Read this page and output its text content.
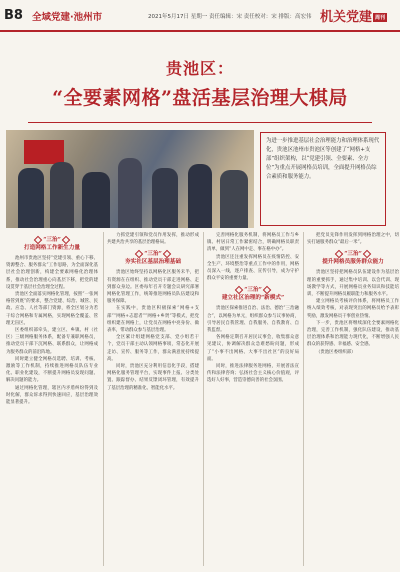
B8 全域党建·池州市	2021年5月17日 星期一 责任编辑：宋 责任校对：宋 排版：高宏伟 机关党建 周刊
贵池区：
“全要素网格”盘活基层治理大棋局
为进一步推进基层社会治理能力和治理体系现代化，贵池区池州市贵池区等创建了“网格+支部”组织架构，以“党建引领、全要素、全方位”为重点开展网格员培训，全面提升网格员综合素质和服务能力。
“三治”
打造网格工作新生力量

池州市贵池区坚持“党建引领、重心下移、资源整合、服务群众”工作思路，为全面深化基层社会治理创新，构建全要素网格化治理体系，推动社会治理重心向基层下移，把党的建设贯穿于基层社会治理全过程。

贵池区全面落实网格化管理，按照“一张网格管到底”的要求，整合党建、综治、城管、民政、应急、人社等部门资源，将全区划分为若干综合网格和专属网格，实现网格全覆盖、管理无盲区。

区委组织部牵头，建立区、乡镇、村（社区）三级网格服务体系，配备专兼职网格员，推动党员干部下沉网格、联系群众，让网格成为服务群众的前沿阵地。

同时建立健全网格员选聘、培训、考核、激励等工作机制，持续推进网格员队伍专业化、职业化建设，不断提升网格员发现问题、解决问题的能力。

通过网格化管理，辖区内矛盾纠纷得到及时化解，群众诉求得到快速回应，基层治理效能显著提升。

力抓党建引领和党员作用发挥，推动形成共建共治共享的基层治理格局。

“三治”
夯实社区基层治理基础

贵池区始终坚持以网格化区服务未半，把有资源在在组织、推动党员干部走进网格、走到群众身边。区委每年召开专题会议研究部署网格化管理工作，统筹推进网格员队伍建设和服务保障。

在实践中，贵池区积极探索“网格+支部”“网格+志愿者”“网格+乡贤”等模式，把党组织建在网格上，让党员在网格中亮身份、做表率，带动群众参与基层治理。

全区累计组建网格党支部、党小组若干个，党员干部主动认领网格事项，常态化开展走访、宣传、服务等工作，群众满意度持续提高。

同时，贵池区充分利用信息化手段，搭建网格化服务管理平台，实现事件上报、分类处置、跟踪督办、结果反馈闭环管理，有效提升了基层治理的精准化、智能化水平。

完善网格化服务机制，将网格员工作与乡镇、村居日常工作紧密结合，明确网格员职责清单，做到“人在网中走、事在格中办”。

贵池区还注重发挥网格员在疫情防控、安全生产、环境整治等重点工作中的作用，网格员深入一线，逐户排查、宣传引导，成为守护群众平安的重要力量。

“三治”
建立社区治理的“新模式”

贵池区探索推进自治、法治、德治“三治融合”，以网格为单元，组织群众参与议事协商，引导居民自我管理、自我服务、自我教育、自我监督。

各网格定期召开居民议事会，收集群众意见建议，协调解决群众急难愁盼问题，形成了“小事不出网格、大事不出社区”的良好局面。

同时，推进法律服务进网格，开展普法宣传和法律咨询；弘扬社会主义核心价值观，评选好人好事，营造崇德向善的社会氛围。

把党员先锋作用发挥到网格治理之中，切实打通服务群众“最后一米”。

“三治”
提升网格员服务群众能力

贵池区坚持把网格员队伍建设作为基层治理的重要抓手，通过集中培训、以会代训、现场教学等方式，开展网格员业务知识和技能培训，不断提升网格员履职能力和服务水平。

建立网格员考核评价体系，将网格员工作纳入绩效考核，对表现突出的网格员给予表彰奖励，激发网格员干事创业热情。

下一步，贵池区将继续深化全要素网格化治理，完善工作机制，强化队伍建设，推动基层治理体系和治理能力现代化，不断增强人民群众的获得感、幸福感、安全感。

（贵池区委组织部）
